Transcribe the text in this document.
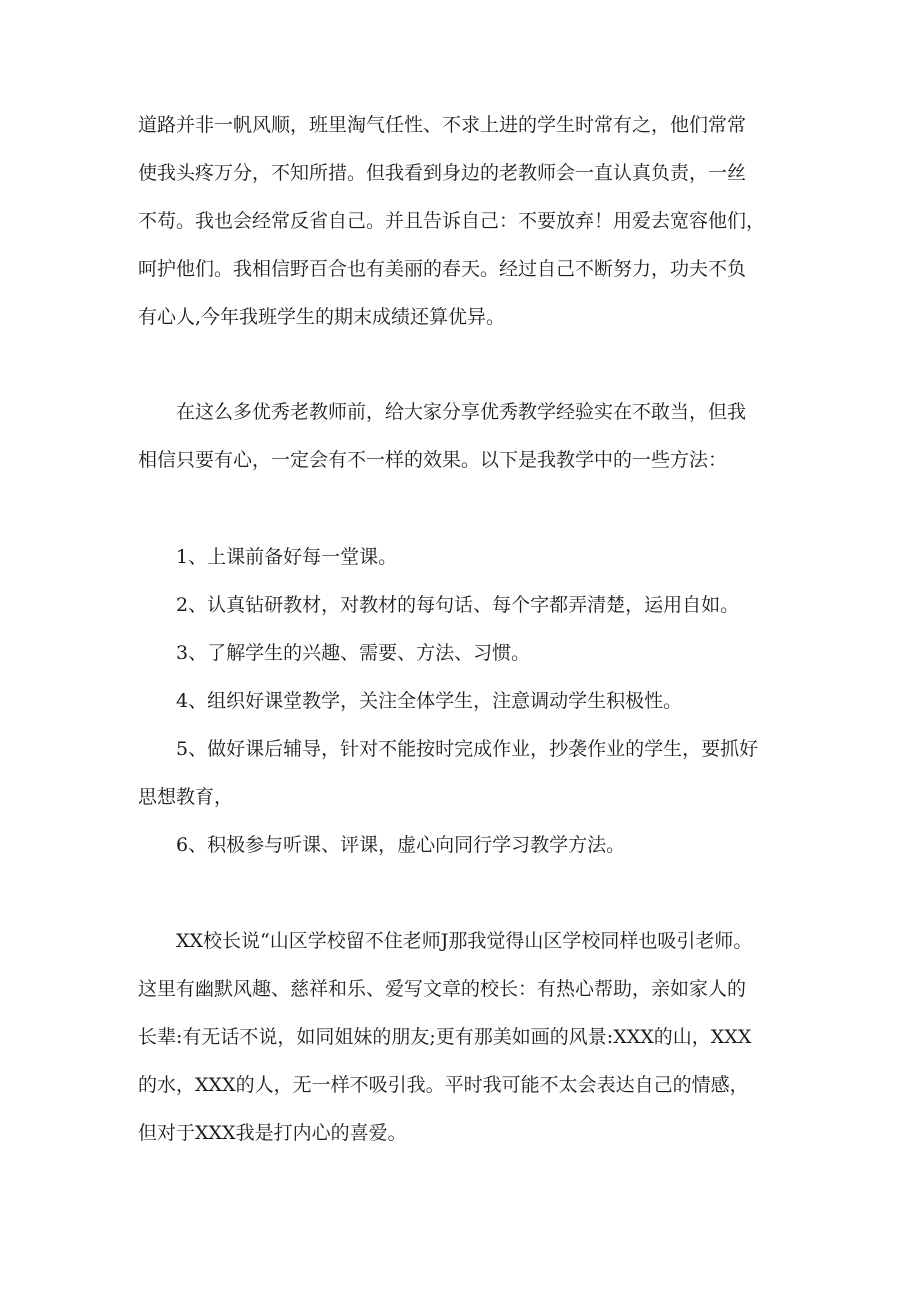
道路并非一帆风顺，班里淘气任性、不求上进的学生时常有之，他们常常

使我头疼万分，不知所措。但我看到身边的老教师会一直认真负责，一丝

不苟。我也会经常反省自己。并且告诉自己：不要放弃！用爱去宽容他们，

呵护他们。我相信野百合也有美丽的春天。经过自己不断努力，功夫不负

有心人,今年我班学生的期末成绩还算优异。

在这么多优秀老教师前，给大家分享优秀教学经验实在不敢当，但我

相信只要有心，一定会有不一样的效果。以下是我教学中的一些方法：

1、上课前备好每一堂课。

2、认真钻研教材，对教材的每句话、每个字都弄清楚，运用自如。

3、了解学生的兴趣、需要、方法、习惯。

4、组织好课堂教学，关注全体学生，注意调动学生积极性。

5、做好课后辅导，针对不能按时完成作业，抄袭作业的学生，要抓好

思想教育，

6、积极参与听课、评课，虚心向同行学习教学方法。

XX校长说“山区学校留不住老师J那我觉得山区学校同样也吸引老师。

这里有幽默风趣、慈祥和乐、爱写文章的校长：有热心帮助，亲如家人的

长辈:有无话不说，如同姐妹的朋友;更有那美如画的风景:XXX的山，XXX

的水，XXX的人，无一样不吸引我。平时我可能不太会表达自己的情感，

但对于XXX我是打内心的喜爱。
